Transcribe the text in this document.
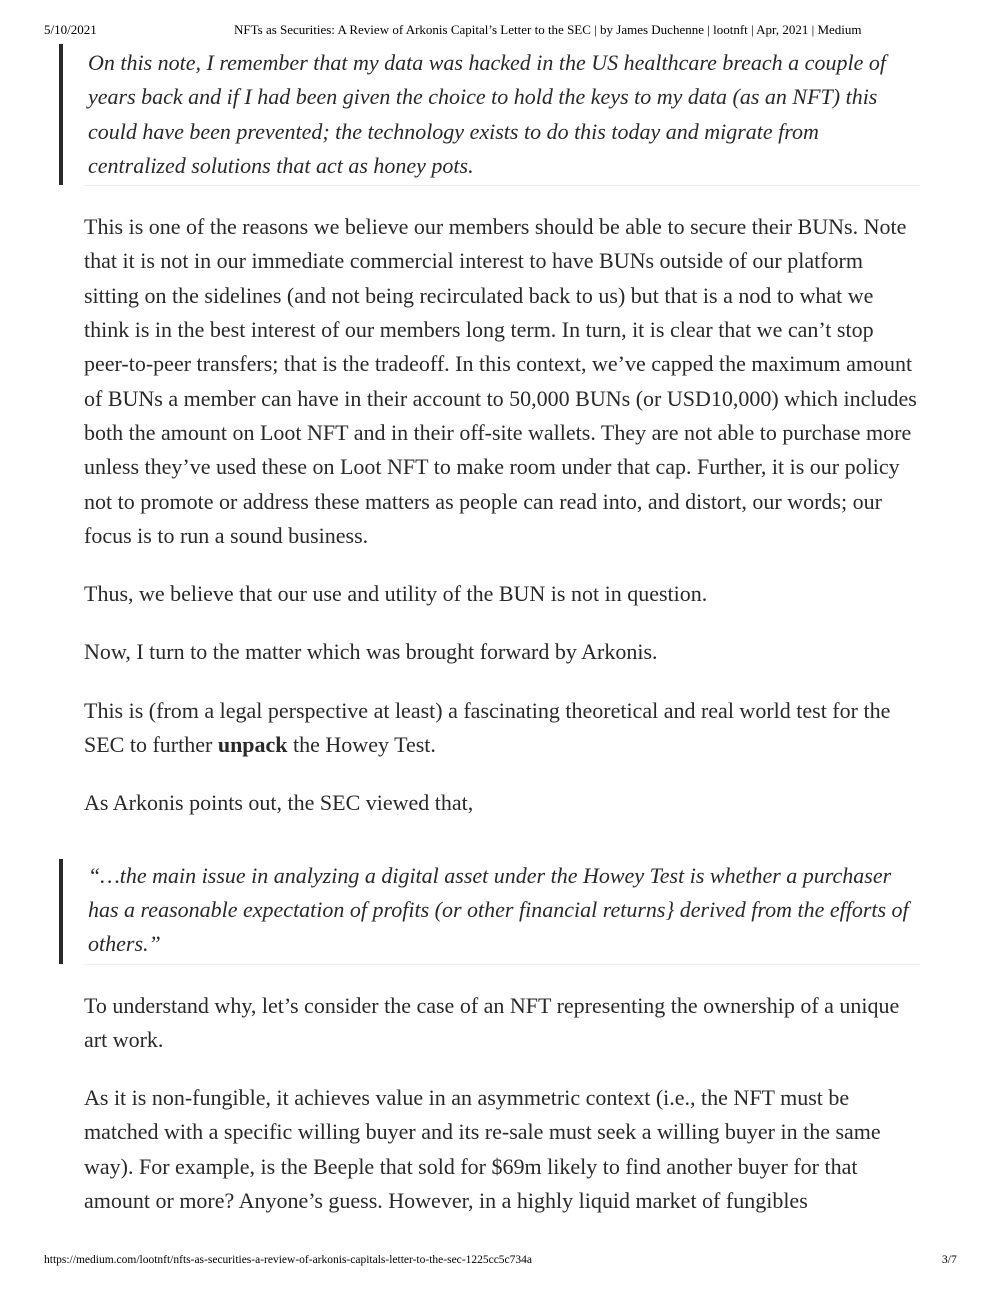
5/10/2021	NFTs as Securities: A Review of Arkonis Capital’s Letter to the SEC | by James Duchenne | lootnft | Apr, 2021 | Medium
On this note, I remember that my data was hacked in the US healthcare breach a couple of years back and if I had been given the choice to hold the keys to my data (as an NFT) this could have been prevented; the technology exists to do this today and migrate from centralized solutions that act as honey pots.

This is one of the reasons we believe our members should be able to secure their BUNs. Note that it is not in our immediate commercial interest to have BUNs outside of our platform sitting on the sidelines (and not being recirculated back to us) but that is a nod to what we think is in the best interest of our members long term. In turn, it is clear that we can’t stop
peer-to-peer transfers; that is the tradeoff. In this context, we’ve capped the maximum amount of BUNs a member can have in their account to 50,000 BUNs (or USD10,000) which includes both the amount on Loot NFT and in their off-site wallets. They are not able to purchase more unless they’ve used these on Loot NFT to make room under that cap. Further, it is our policy not to promote or address these matters as people can read into, and distort, our words; our focus is to run a sound business.

Thus, we believe that our use and utility of the BUN is not in question.

Now, I turn to the matter which was brought forward by Arkonis.

This is (from a legal perspective at least) a fascinating theoretical and real world test for the SEC to further unpack the Howey Test.

As Arkonis points out, the SEC viewed that,

“…the main issue in analyzing a digital asset under the Howey Test is whether a purchaser has a reasonable expectation of profits (or other financial returns} derived from the efforts of others.”

To understand why, let’s consider the case of an NFT representing the ownership of a unique art work.

As it is non-fungible, it achieves value in an asymmetric context (i.e., the NFT must be matched with a specific willing buyer and its re-sale must seek a willing buyer in the same way). For example, is the Beeple that sold for $69m likely to find another buyer for that amount or more? Anyone’s guess. However, in a highly liquid market of fungibles

https://medium.com/lootnft/nfts-as-securities-a-review-of-arkonis-capitals-letter-to-the-sec-1225cc5c734a	3/7
